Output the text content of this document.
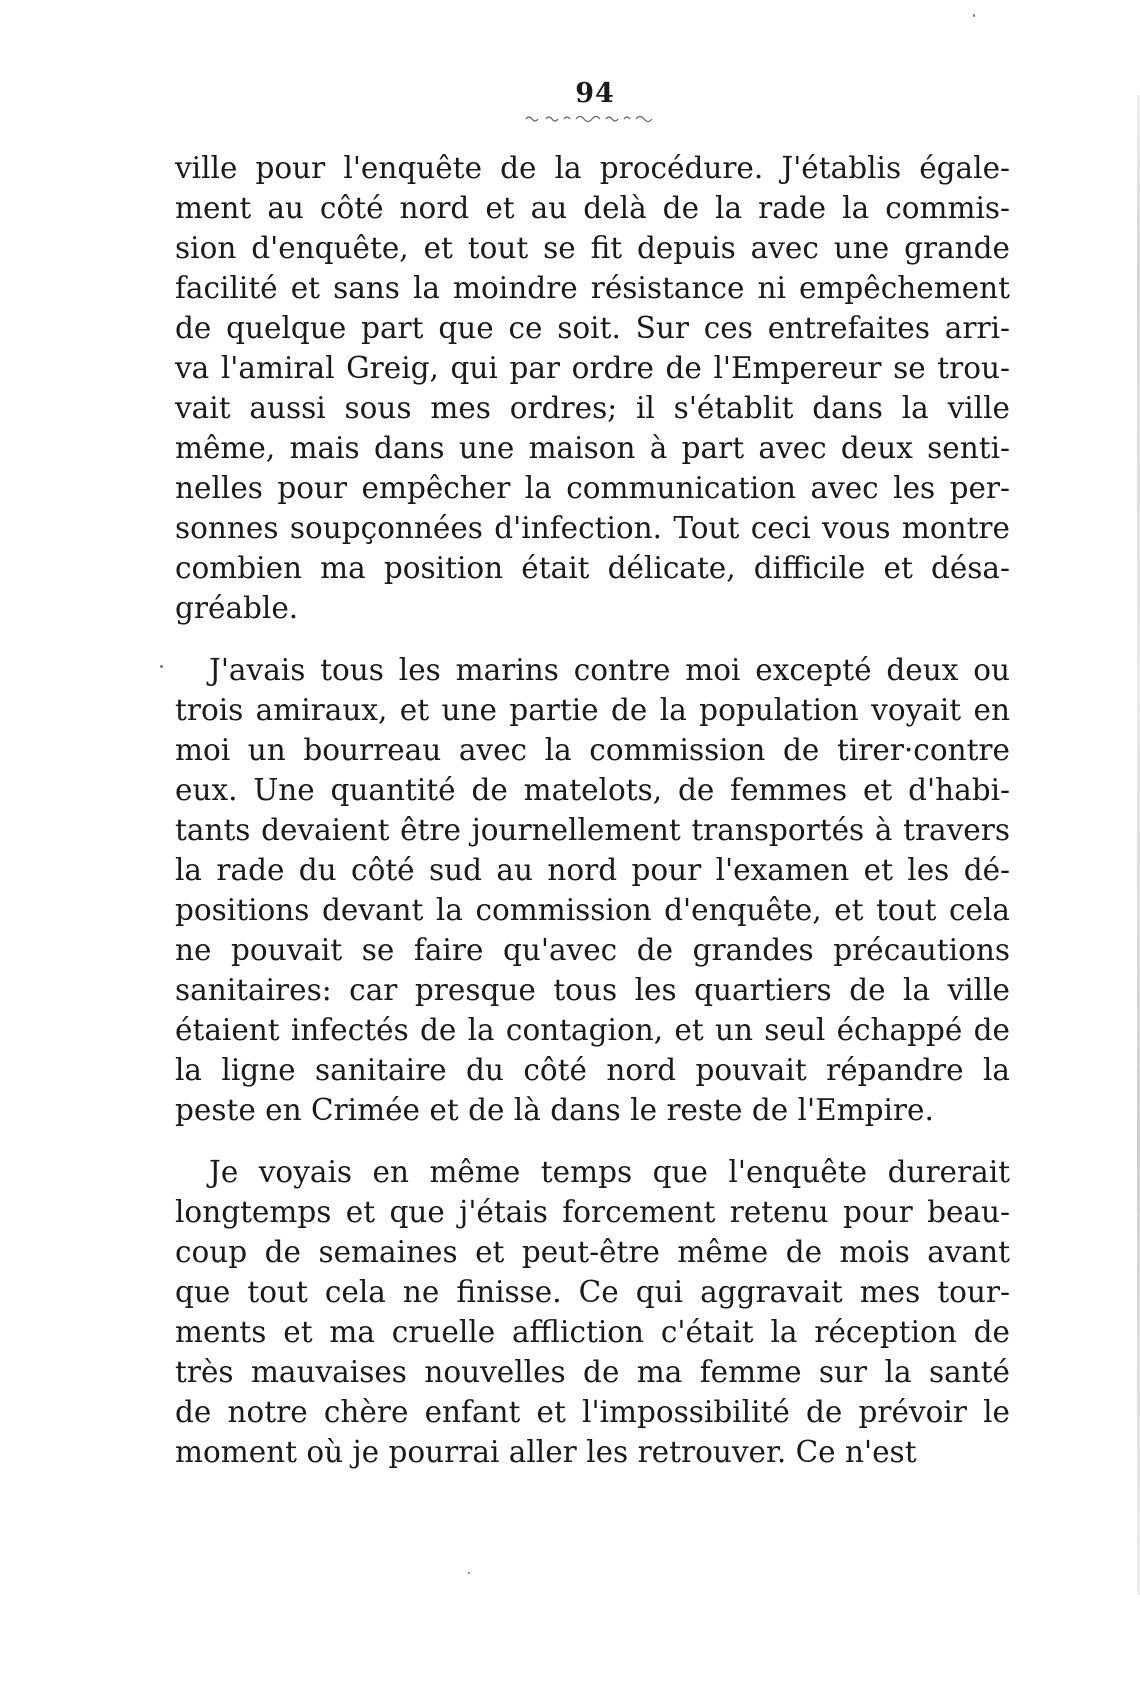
94
ville pour l'enquête de la procédure. J'établis égale-
ment au côté nord et au delà de la rade la commis-
sion d'enquête, et tout se fit depuis avec une grande
facilité et sans la moindre résistance ni empêchement
de quelque part que ce soit. Sur ces entrefaites arri-
va l'amiral Greig, qui par ordre de l'Empereur se trou-
vait aussi sous mes ordres; il s'établit dans la ville
même, mais dans une maison à part avec deux senti-
nelles pour empêcher la communication avec les per-
sonnes soupçonnées d'infection. Tout ceci vous montre
combien ma position était délicate, difficile et désa-
gréable.
J'avais tous les marins contre moi excepté deux ou
trois amiraux, et une partie de la population voyait en
moi un bourreau avec la commission de tirer·contre
eux. Une quantité de matelots, de femmes et d'habi-
tants devaient être journellement transportés à travers
la rade du côté sud au nord pour l'examen et les dé-
positions devant la commission d'enquête, et tout cela
ne pouvait se faire qu'avec de grandes précautions
sanitaires: car presque tous les quartiers de la ville
étaient infectés de la contagion, et un seul échappé de
la ligne sanitaire du côté nord pouvait répandre la
peste en Crimée et de là dans le reste de l'Empire.
Je voyais en même temps que l'enquête durerait
longtemps et que j'étais forcement retenu pour beau-
coup de semaines et peut-être même de mois avant
que tout cela ne finisse. Ce qui aggravait mes tour-
ments et ma cruelle affliction c'était la réception de
très mauvaises nouvelles de ma femme sur la santé
de notre chère enfant et l'impossibilité de prévoir le
moment où je pourrai aller les retrouver. Ce n'est
